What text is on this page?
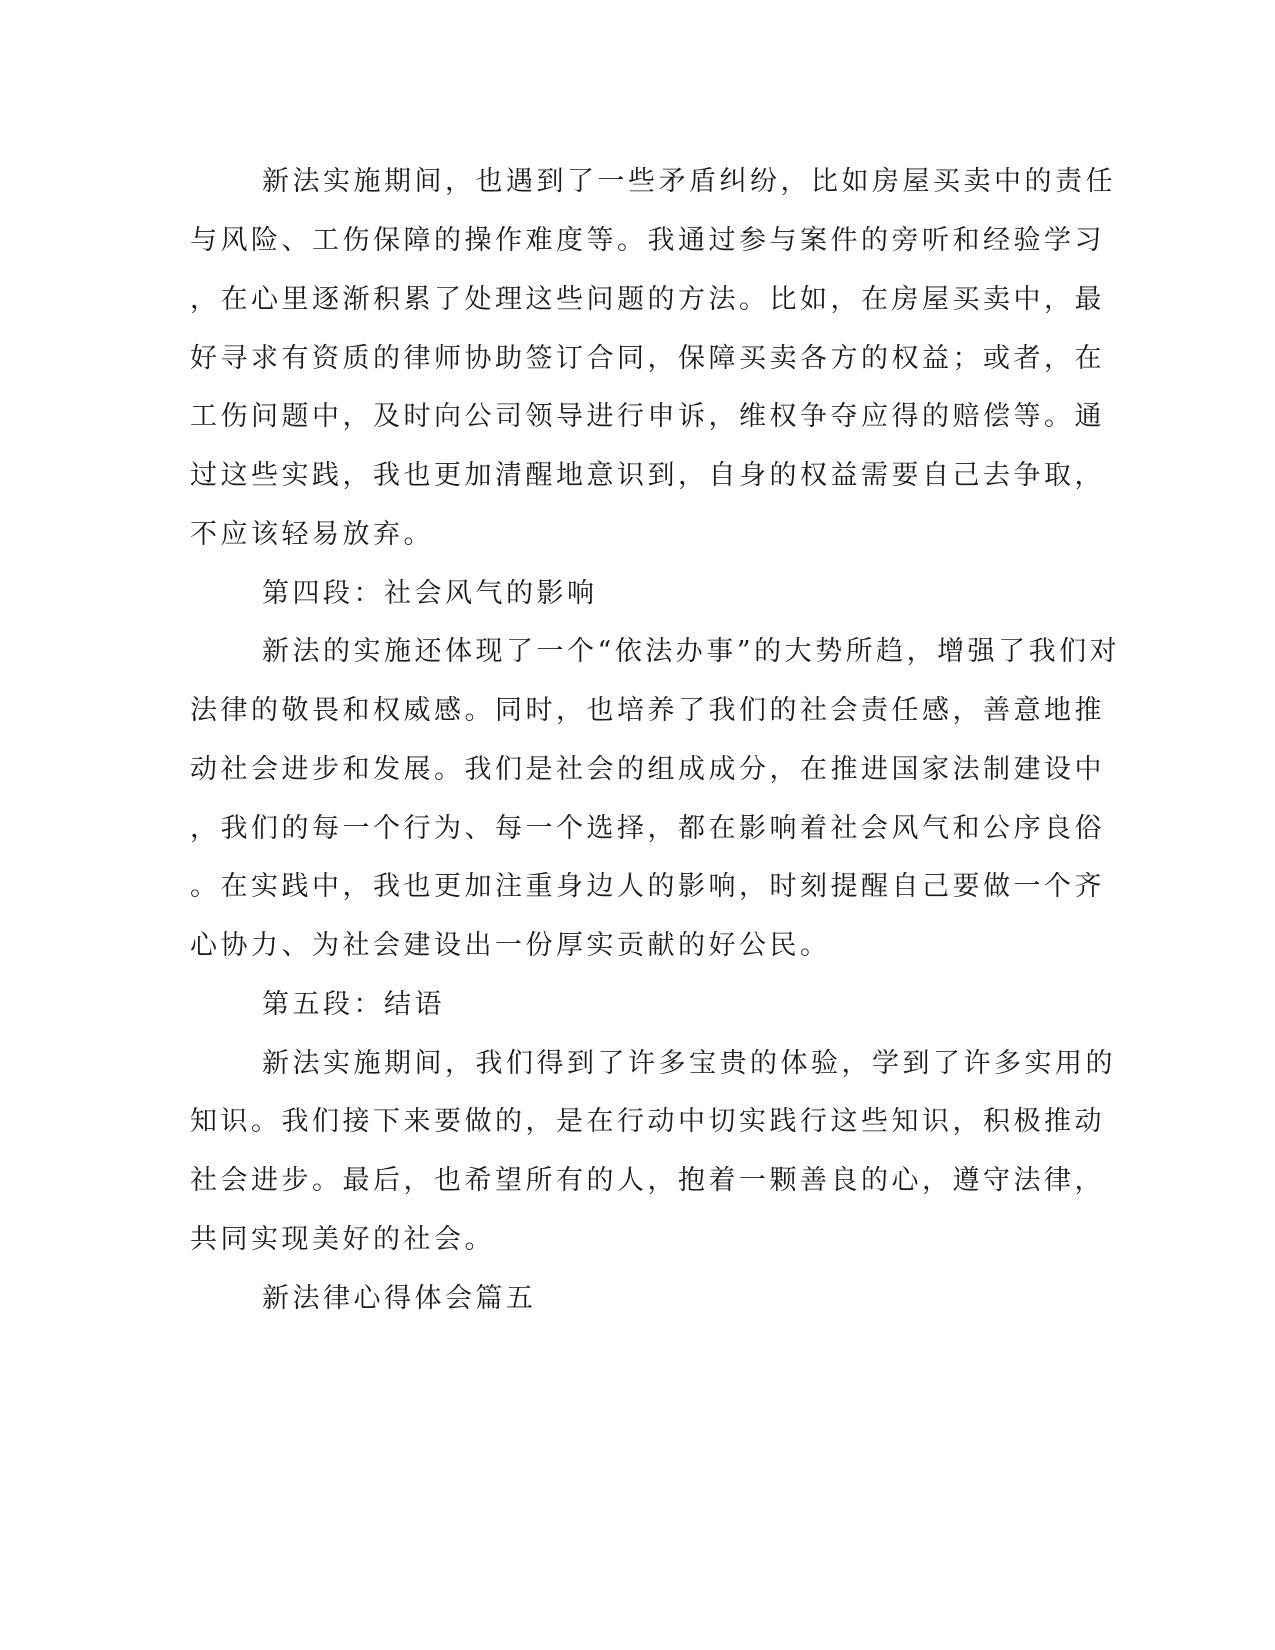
新法实施期间，也遇到了一些矛盾纠纷，比如房屋买卖中的责任
与风险、工伤保障的操作难度等。我通过参与案件的旁听和经验学习
，在心里逐渐积累了处理这些问题的方法。比如，在房屋买卖中，最
好寻求有资质的律师协助签订合同，保障买卖各方的权益；或者，在
工伤问题中，及时向公司领导进行申诉，维权争夺应得的赔偿等。通
过这些实践，我也更加清醒地意识到，自身的权益需要自己去争取，
不应该轻易放弃。
第四段：社会风气的影响
新法的实施还体现了一个“依法办事”的大势所趋，增强了我们对
法律的敬畏和权威感。同时，也培养了我们的社会责任感，善意地推
动社会进步和发展。我们是社会的组成成分，在推进国家法制建设中
，我们的每一个行为、每一个选择，都在影响着社会风气和公序良俗
。在实践中，我也更加注重身边人的影响，时刻提醒自己要做一个齐
心协力、为社会建设出一份厚实贡献的好公民。
第五段：结语
新法实施期间，我们得到了许多宝贵的体验，学到了许多实用的
知识。我们接下来要做的，是在行动中切实践行这些知识，积极推动
社会进步。最后，也希望所有的人，抱着一颗善良的心，遵守法律，
共同实现美好的社会。
新法律心得体会篇五
